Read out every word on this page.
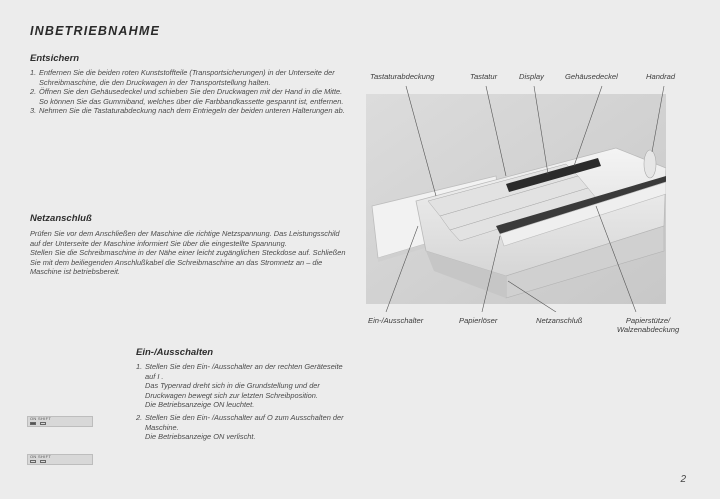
INBETRIEBNAHME
Entsichern
1. Entfernen Sie die beiden roten Kunststoffteile (Transportsicherungen) in der Unterseite der Schreibmaschine, die den Druckwagen in der Transportstellung halten.
2. Öffnen Sie den Gehäusedeckel und schieben Sie den Druckwagen mit der Hand in die Mitte. So können Sie das Gummiband, welches über die Farbbandkassette gespannt ist, entfernen.
3. Nehmen Sie die Tastaturabdeckung nach dem Entriegeln der beiden unteren Halterungen ab.
Netzanschluß

Prüfen Sie vor dem Anschließen der Maschine die richtige Netzspannung. Das Leistungsschild auf der Unterseite der Maschine informiert Sie über die eingestellte Spannung.

Stellen Sie die Schreibmaschine in der Nähe einer leicht zugänglichen Steckdose auf. Schließen Sie mit dem beiliegenden Anschlußkabel die Schreibmaschine an das Stromnetz an – die Maschine ist betriebsbereit.

Ein-/Ausschalten
1. Stellen Sie den Ein- /Ausschalter an der rechten Geräteseite auf I .
Das Typenrad dreht sich in die Grundstellung und der Druckwagen bewegt sich zur letzten Schreibposition.
Die Betriebsanzeige ON leuchtet.
2. Stellen Sie den Ein- /Ausschalter auf O zum Ausschalten der Maschine.
Die Betriebsanzeige ON verlischt.
ON SHIFT
ON SHIFT
Tastaturabdeckung	Tastatur	Display	Gehäusedeckel	Handrad
Ein-/Ausschalter	Papierlöser	Netzanschluß	Papierstütze/
Walzenabdeckung
2
